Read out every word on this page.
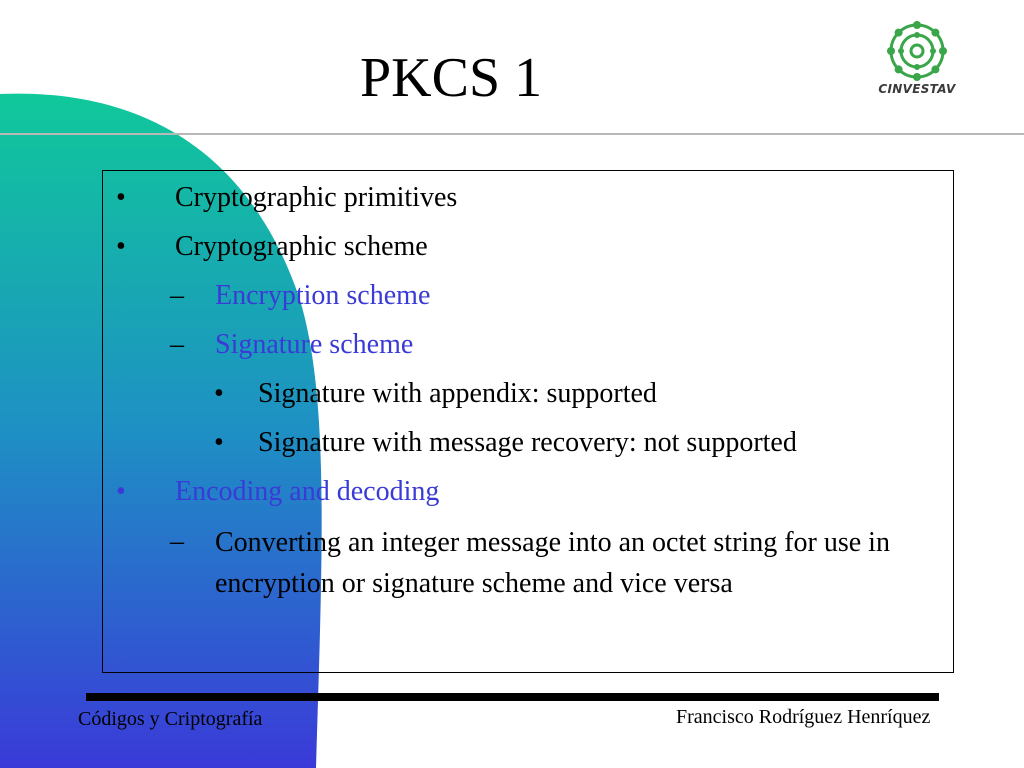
PKCS 1	CINVESTAV
• Cryptographic primitives
• Cryptographic scheme
– Encryption scheme
– Signature scheme
• Signature with appendix: supported
• Signature with message recovery: not supported
• Encoding and decoding
– Converting an integer message into an octet string for use in encryption or signature scheme and vice versa
Códigos y Criptografía	Francisco Rodríguez Henríquez
